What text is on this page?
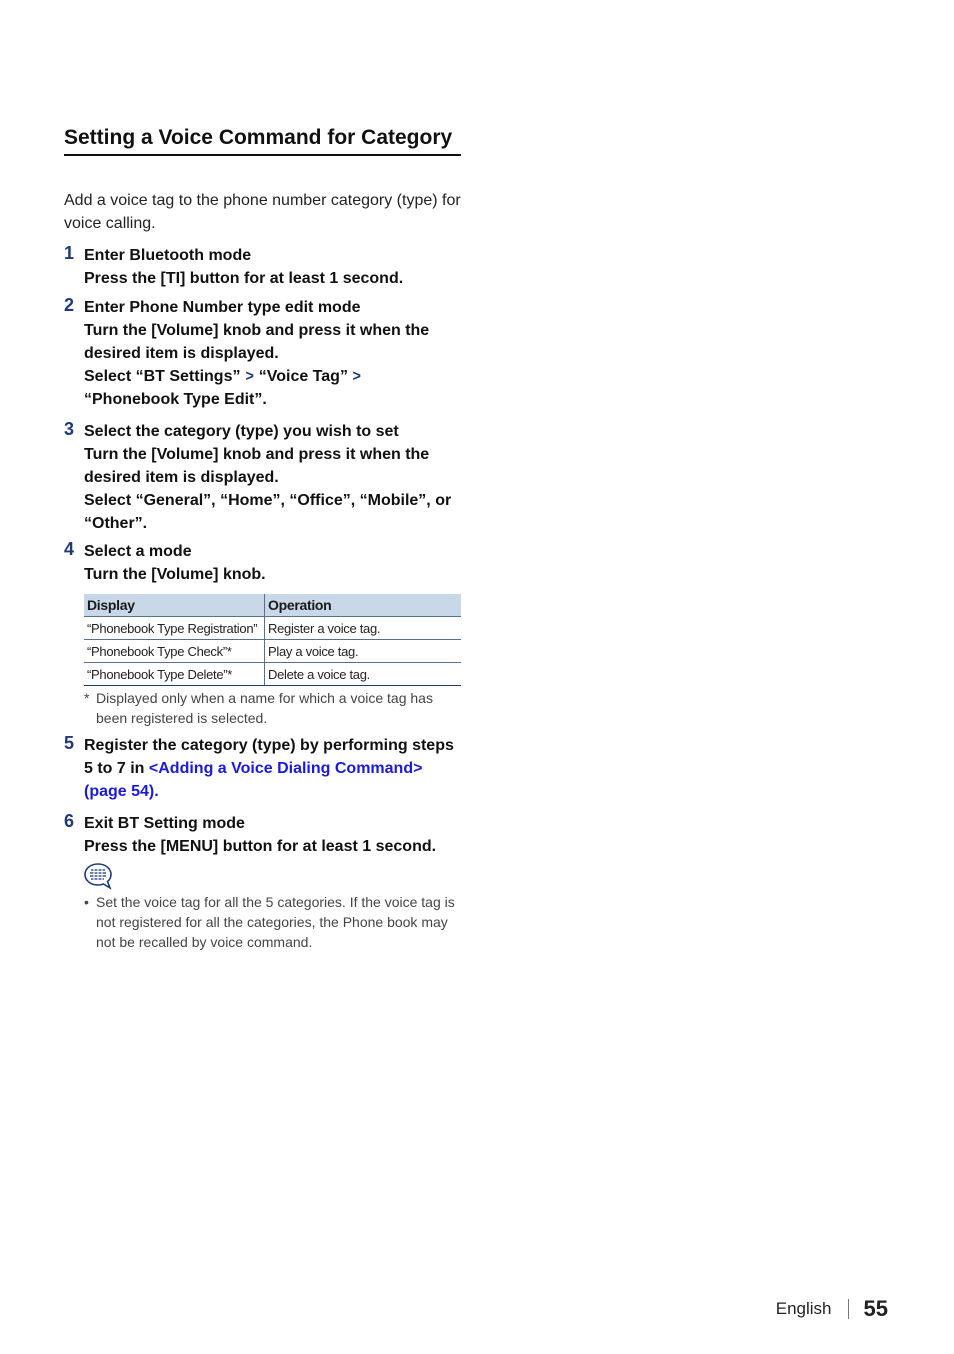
Setting a Voice Command for Category
Add a voice tag to the phone number category (type) for voice calling.
1 Enter Bluetooth mode
Press the [TI] button for at least 1 second.
2 Enter Phone Number type edit mode
Turn the [Volume] knob and press it when the desired item is displayed.
Select “BT Settings” > “Voice Tag” > “Phonebook Type Edit”.
3 Select the category (type) you wish to set
Turn the [Volume] knob and press it when the desired item is displayed.
Select “General”, “Home”, “Office”, “Mobile”, or “Other”.
4 Select a mode
Turn the [Volume] knob.
Display	Operation
“Phonebook Type Registration”	Register a voice tag.
“Phonebook Type Check”*	Play a voice tag.
“Phonebook Type Delete”*	Delete a voice tag.
* Displayed only when a name for which a voice tag has been registered is selected.
5 Register the category (type) by performing steps 5 to 7 in <Adding a Voice Dialing Command> (page 54).
6 Exit BT Setting mode
Press the [MENU] button for at least 1 second.
• Set the voice tag for all the 5 categories. If the voice tag is not registered for all the categories, the Phone book may not be recalled by voice command.
English 55
